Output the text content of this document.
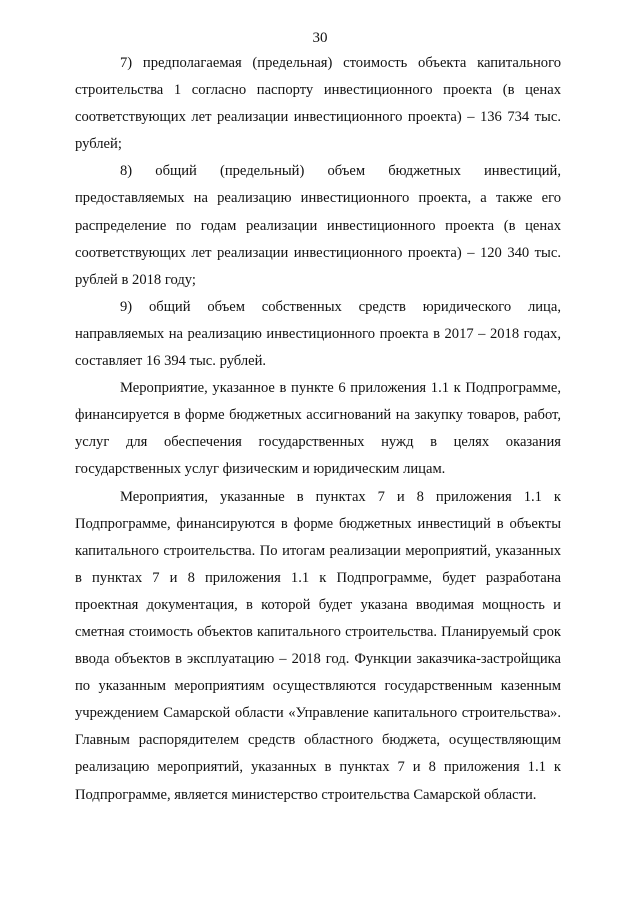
30

7) предполагаемая (предельная) стоимость объекта капитального строительства 1 согласно паспорту инвестиционного проекта (в ценах соответствующих лет реализации инвестиционного проекта) – 136 734 тыс. рублей;

8) общий (предельный) объем бюджетных инвестиций, предоставляемых на реализацию инвестиционного проекта, а также его распределение по годам реализации инвестиционного проекта (в ценах соответствующих лет реализации инвестиционного проекта) – 120 340 тыс. рублей в 2018 году;

9) общий объем собственных средств юридического лица, направляемых на реализацию инвестиционного проекта в 2017 – 2018 годах, составляет 16 394 тыс. рублей.

Мероприятие, указанное в пункте 6 приложения 1.1 к Подпрограмме, финансируется в форме бюджетных ассигнований на закупку товаров, работ, услуг для обеспечения государственных нужд в целях оказания государственных услуг физическим и юридическим лицам.

Мероприятия, указанные в пунктах 7 и 8 приложения 1.1 к Подпрограмме, финансируются в форме бюджетных инвестиций в объекты капитального строительства. По итогам реализации мероприятий, указанных в пунктах 7 и 8 приложения 1.1 к Подпрограмме, будет разработана проектная документация, в которой будет указана вводимая мощность и сметная стоимость объектов капитального строительства. Планируемый срок ввода объектов в эксплуатацию – 2018 год. Функции заказчика-застройщика по указанным мероприятиям осуществляются государственным казенным учреждением Самарской области «Управление капитального строительства». Главным распорядителем средств областного бюджета, осуществляющим реализацию мероприятий, указанных в пунктах 7 и 8 приложения 1.1 к Подпрограмме, является министерство строительства Самарской области.
